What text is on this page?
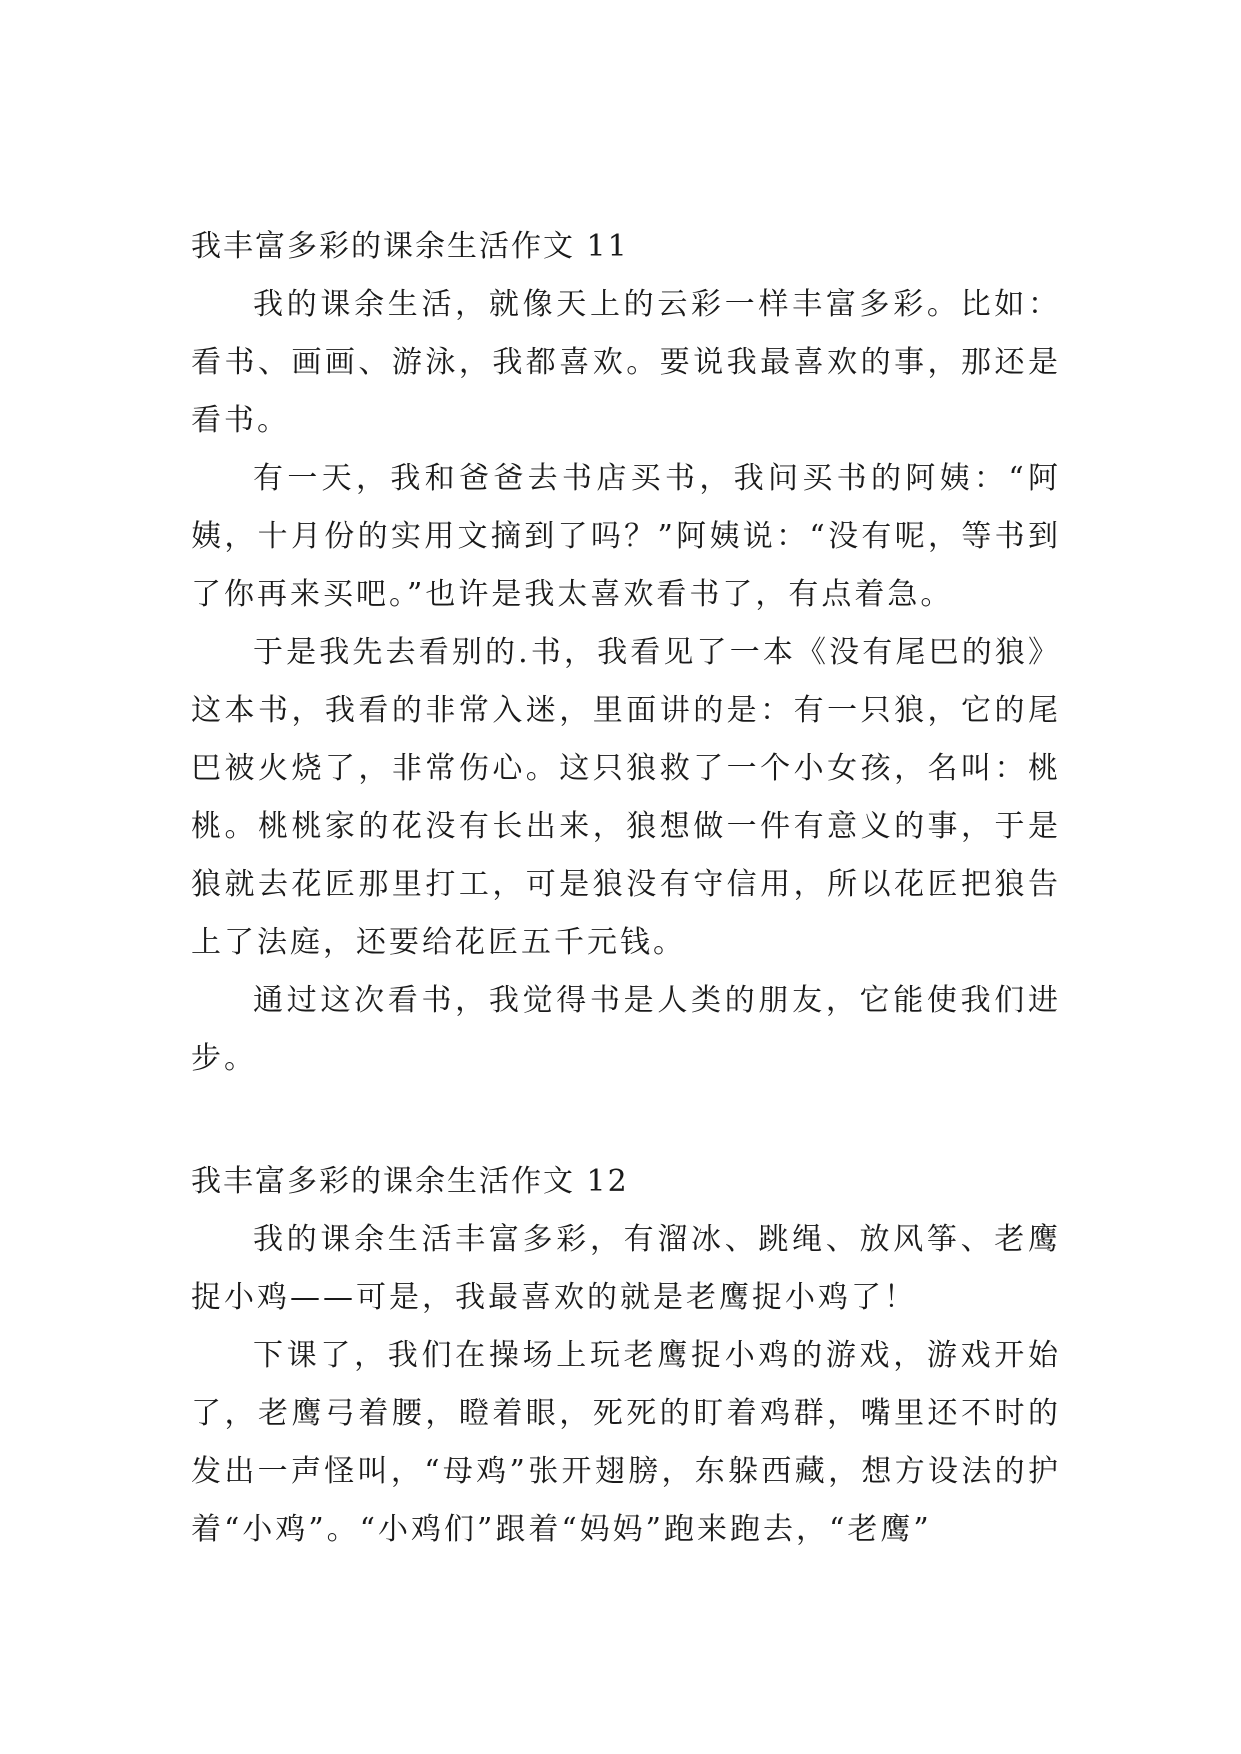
我丰富多彩的课余生活作文 11

我的课余生活，就像天上的云彩一样丰富多彩。比如：看书、画画、游泳，我都喜欢。要说我最喜欢的事，那还是看书。

有一天，我和爸爸去书店买书，我问买书的阿姨：“阿姨，十月份的实用文摘到了吗？”阿姨说：“没有呢，等书到了你再来买吧。”也许是我太喜欢看书了，有点着急。

于是我先去看别的.书，我看见了一本《没有尾巴的狼》这本书，我看的非常入迷，里面讲的是：有一只狼，它的尾巴被火烧了，非常伤心。这只狼救了一个小女孩，名叫：桃桃。桃桃家的花没有长出来，狼想做一件有意义的事，于是狼就去花匠那里打工，可是狼没有守信用，所以花匠把狼告上了法庭，还要给花匠五千元钱。

通过这次看书，我觉得书是人类的朋友，它能使我们进步。

我丰富多彩的课余生活作文 12

我的课余生活丰富多彩，有溜冰、跳绳、放风筝、老鹰捉小鸡——可是，我最喜欢的就是老鹰捉小鸡了！

下课了，我们在操场上玩老鹰捉小鸡的游戏，游戏开始了，老鹰弓着腰，瞪着眼，死死的盯着鸡群，嘴里还不时的发出一声怪叫，“母鸡”张开翅膀，东躲西藏，想方设法的护着“小鸡”。“小鸡们”跟着“妈妈”跑来跑去，“老鹰”
